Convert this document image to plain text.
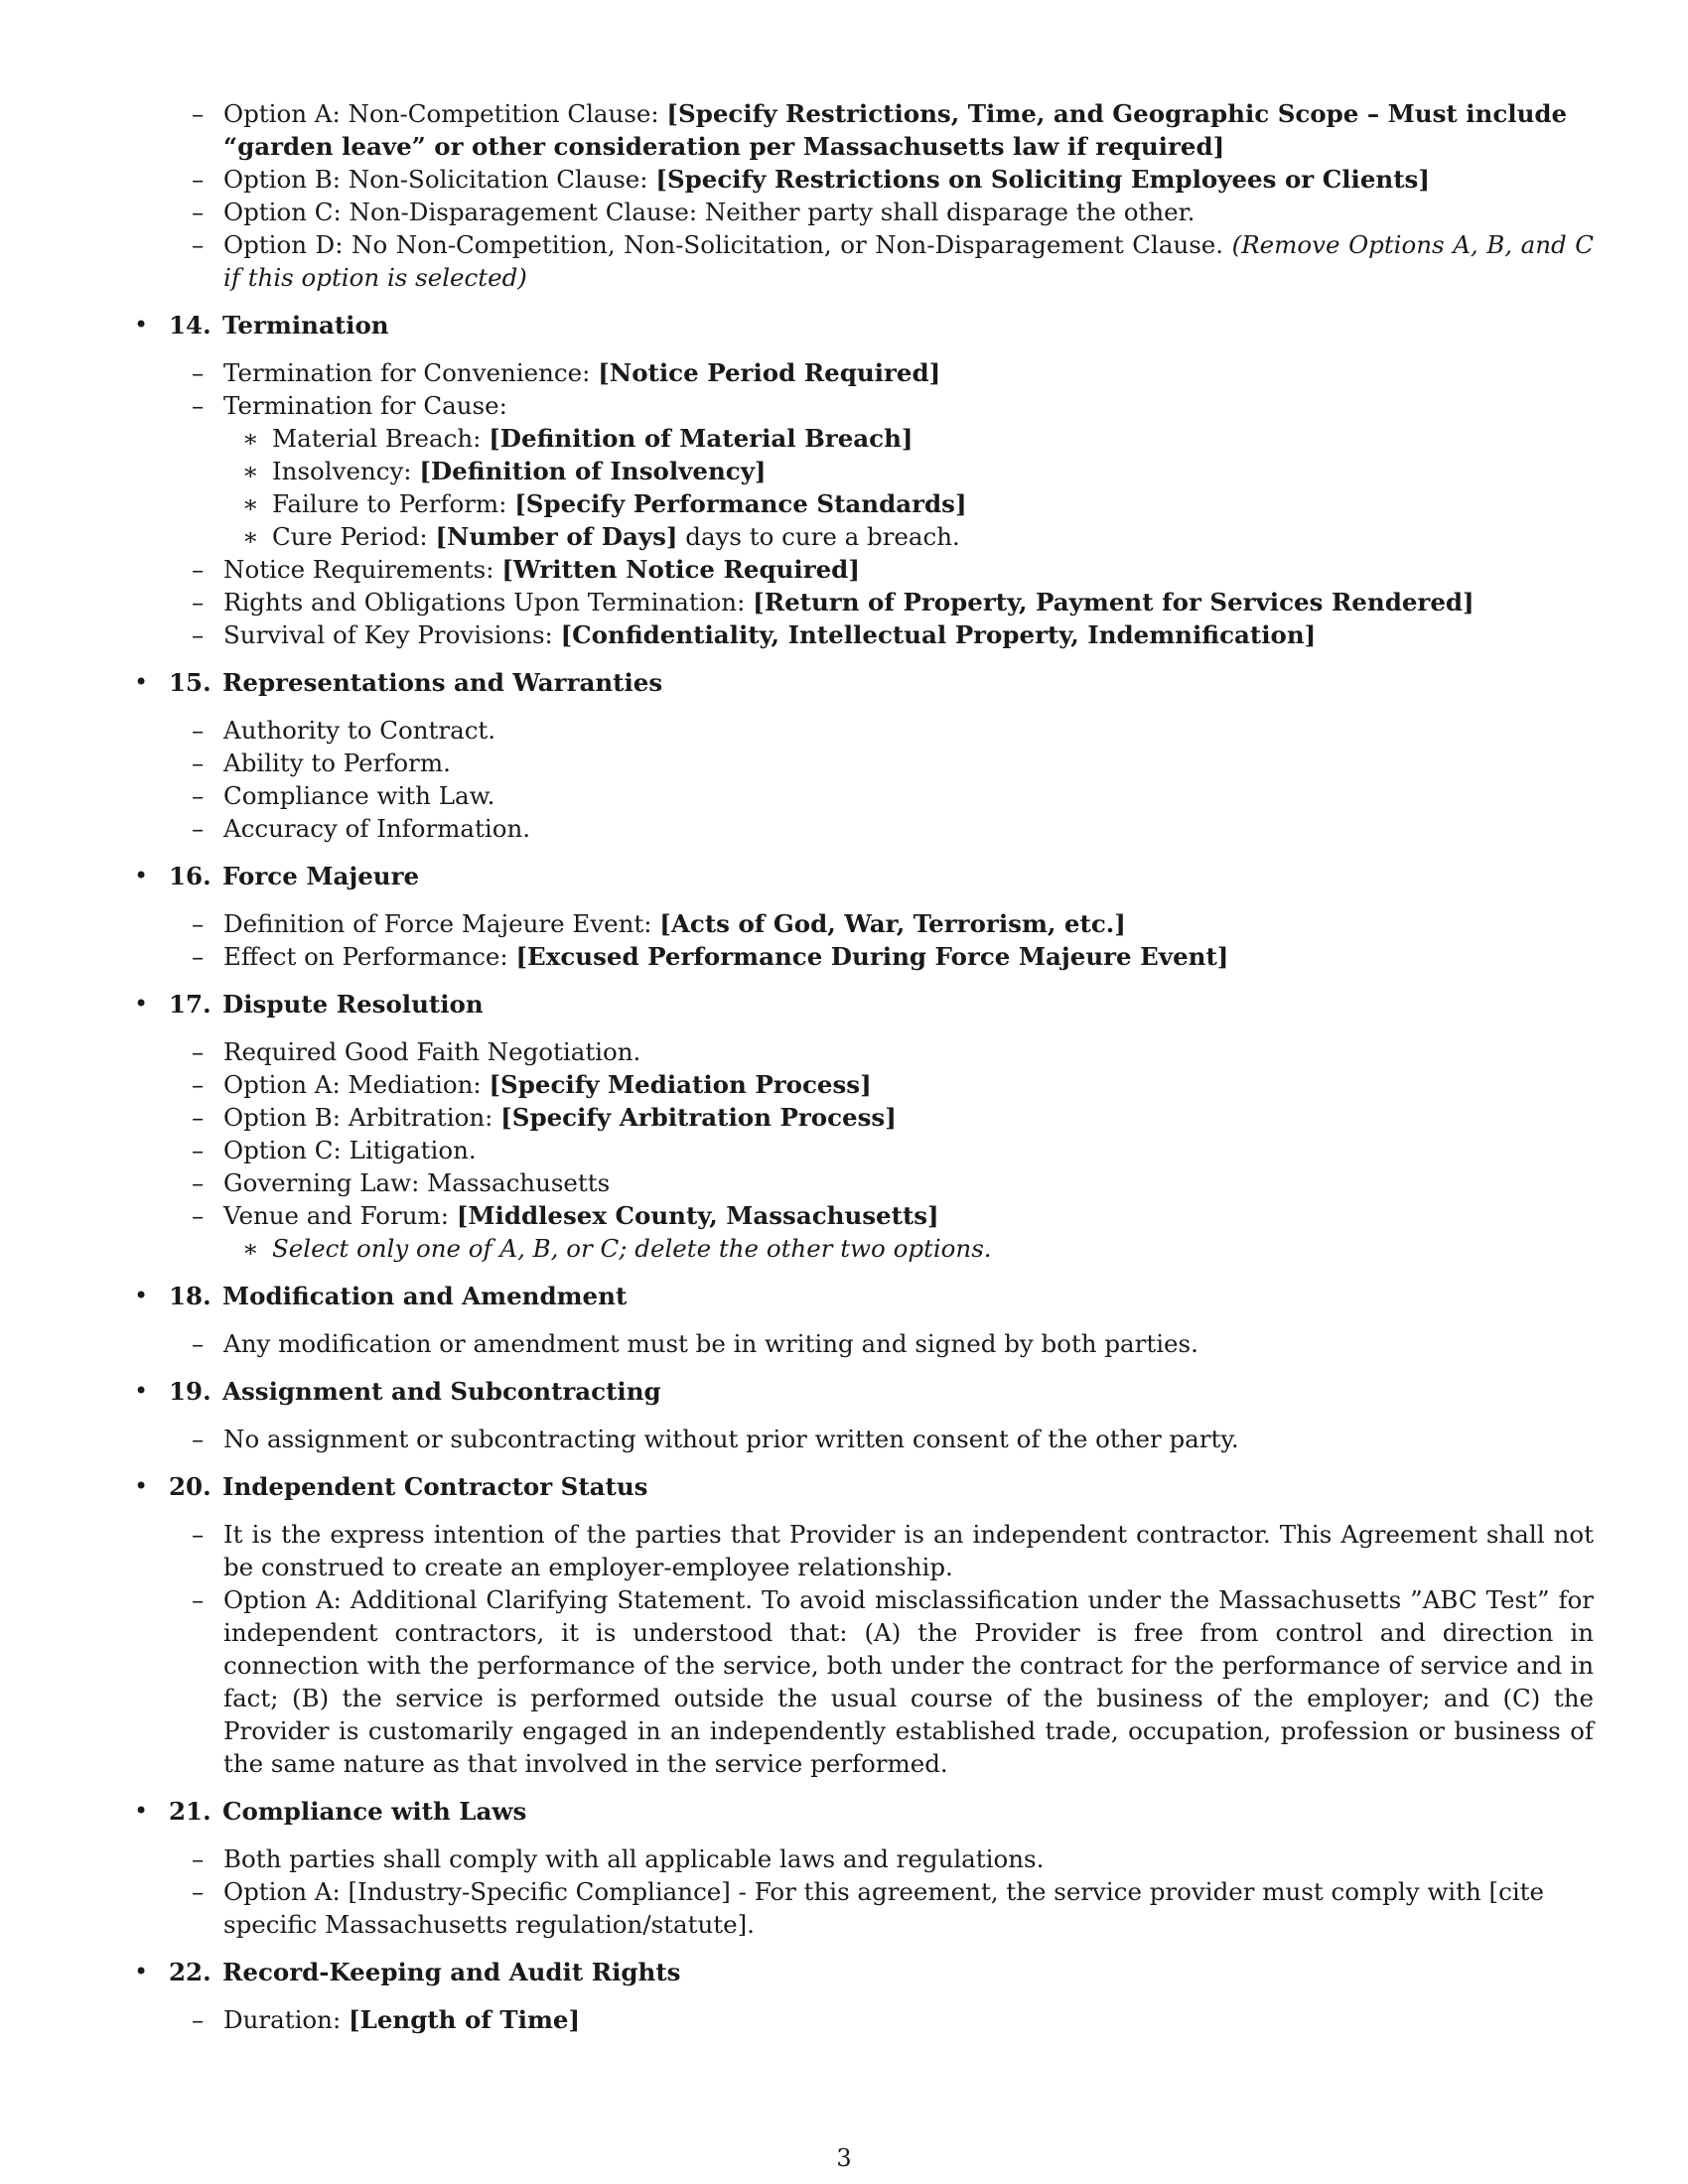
– Option A: Non-Competition Clause: [Specify Restrictions, Time, and Geographic Scope – Must include “garden leave” or other consideration per Massachusetts law if required]
– Option B: Non-Solicitation Clause: [Specify Restrictions on Soliciting Employees or Clients]
– Option C: Non-Disparagement Clause: Neither party shall disparage the other.
– Option D: No Non-Competition, Non-Solicitation, or Non-Disparagement Clause. (Remove Options A, B, and C if this option is selected)
• 14. Termination
– Termination for Convenience: [Notice Period Required]
– Termination for Cause:
∗ Material Breach: [Definition of Material Breach]
∗ Insolvency: [Definition of Insolvency]
∗ Failure to Perform: [Specify Performance Standards]
∗ Cure Period: [Number of Days] days to cure a breach.
– Notice Requirements: [Written Notice Required]
– Rights and Obligations Upon Termination: [Return of Property, Payment for Services Rendered]
– Survival of Key Provisions: [Confidentiality, Intellectual Property, Indemnification]
• 15. Representations and Warranties
– Authority to Contract.
– Ability to Perform.
– Compliance with Law.
– Accuracy of Information.
• 16. Force Majeure
– Definition of Force Majeure Event: [Acts of God, War, Terrorism, etc.]
– Effect on Performance: [Excused Performance During Force Majeure Event]
• 17. Dispute Resolution
– Required Good Faith Negotiation.
– Option A: Mediation: [Specify Mediation Process]
– Option B: Arbitration: [Specify Arbitration Process]
– Option C: Litigation.
– Governing Law: Massachusetts
– Venue and Forum: [Middlesex County, Massachusetts]
∗ Select only one of A, B, or C; delete the other two options.
• 18. Modification and Amendment
– Any modification or amendment must be in writing and signed by both parties.
• 19. Assignment and Subcontracting
– No assignment or subcontracting without prior written consent of the other party.
• 20. Independent Contractor Status
– It is the express intention of the parties that Provider is an independent contractor. This Agreement shall not be construed to create an employer-employee relationship.
– Option A: Additional Clarifying Statement. To avoid misclassification under the Massachusetts ”ABC Test” for independent contractors, it is understood that: (A) the Provider is free from control and direction in connection with the performance of the service, both under the contract for the performance of service and in fact; (B) the service is performed outside the usual course of the business of the employer; and (C) the Provider is customarily engaged in an independently established trade, occupation, profession or business of the same nature as that involved in the service performed.
• 21. Compliance with Laws
– Both parties shall comply with all applicable laws and regulations.
– Option A: [Industry-Specific Compliance] - For this agreement, the service provider must comply with [cite specific Massachusetts regulation/statute].
• 22. Record-Keeping and Audit Rights
– Duration: [Length of Time]
3
